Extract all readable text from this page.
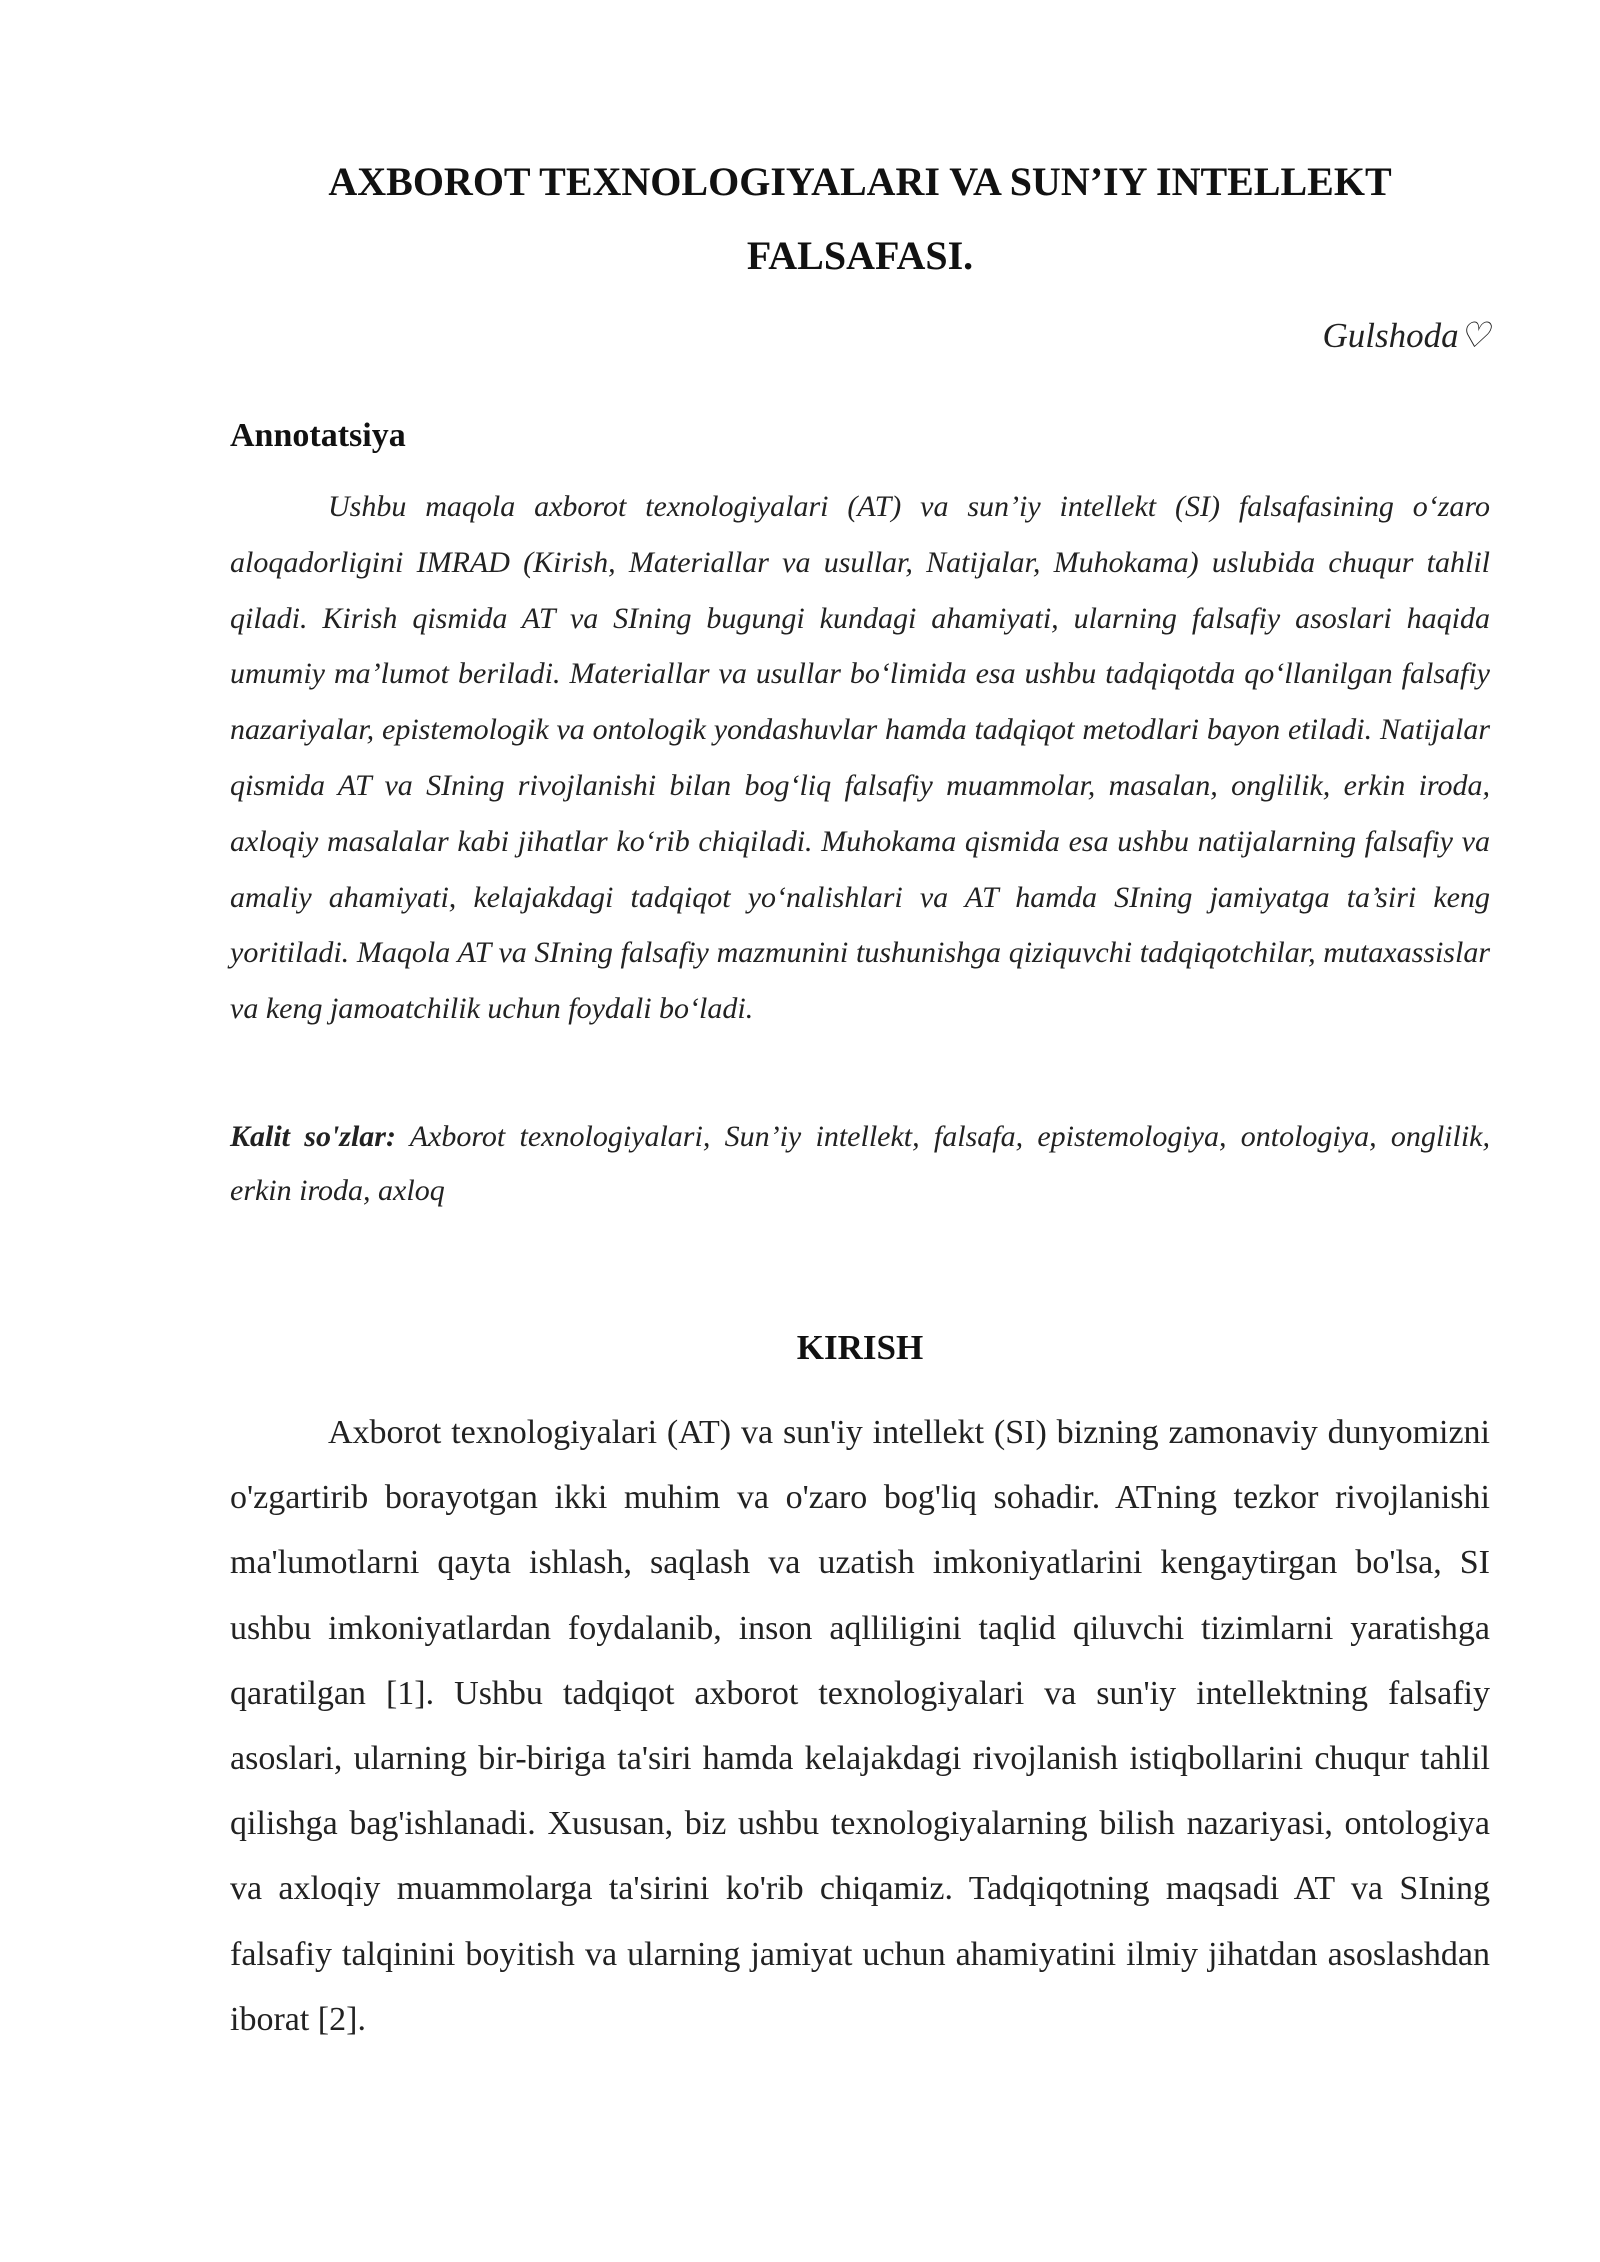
AXBOROT TEXNOLOGIYALARI VA SUN’IY INTELLEKT FALSAFASI.
Gulshoda♡
Annotatsiya

Ushbu maqola axborot texnologiyalari (AT) va sun’iy intellekt (SI) falsafasining o‘zaro aloqadorligini IMRAD (Kirish, Materiallar va usullar, Natijalar, Muhokama) uslubida chuqur tahlil qiladi. Kirish qismida AT va SIning bugungi kundagi ahamiyati, ularning falsafiy asoslari haqida umumiy ma’lumot beriladi. Materiallar va usullar bo‘limida esa ushbu tadqiqotda qo‘llanilgan falsafiy nazariyalar, epistemologik va ontologik yondashuvlar hamda tadqiqot metodlari bayon etiladi. Natijalar qismida AT va SIning rivojlanishi bilan bog‘liq falsafiy muammolar, masalan, onglilik, erkin iroda, axloqiy masalalar kabi jihatlar ko‘rib chiqiladi. Muhokama qismida esa ushbu natijalarning falsafiy va amaliy ahamiyati, kelajakdagi tadqiqot yo‘nalishlari va AT hamda SIning jamiyatga ta’siri keng yoritiladi. Maqola AT va SIning falsafiy mazmunini tushunishga qiziquvchi tadqiqotchilar, mutaxassislar va keng jamoatchilik uchun foydali bo‘ladi.

Kalit so'zlar: Axborot texnologiyalari, Sun’iy intellekt, falsafa, epistemologiya, ontologiya, onglilik, erkin iroda, axloq

KIRISH

Axborot texnologiyalari (AT) va sun'iy intellekt (SI) bizning zamonaviy dunyomizni o'zgartirib borayotgan ikki muhim va o'zaro bog'liq sohadir. ATning tezkor rivojlanishi ma'lumotlarni qayta ishlash, saqlash va uzatish imkoniyatlarini kengaytirgan bo'lsa, SI ushbu imkoniyatlardan foydalanib, inson aqlliligini taqlid qiluvchi tizimlarni yaratishga qaratilgan [1]. Ushbu tadqiqot axborot texnologiyalari va sun'iy intellektning falsafiy asoslari, ularning bir-biriga ta'siri hamda kelajakdagi rivojlanish istiqbollarini chuqur tahlil qilishga bag'ishlanadi. Xususan, biz ushbu texnologiyalarning bilish nazariyasi, ontologiya va axloqiy muammolarga ta'sirini ko'rib chiqamiz. Tadqiqotning maqsadi AT va SIning falsafiy talqinini boyitish va ularning jamiyat uchun ahamiyatini ilmiy jihatdan asoslashdan iborat [2].
